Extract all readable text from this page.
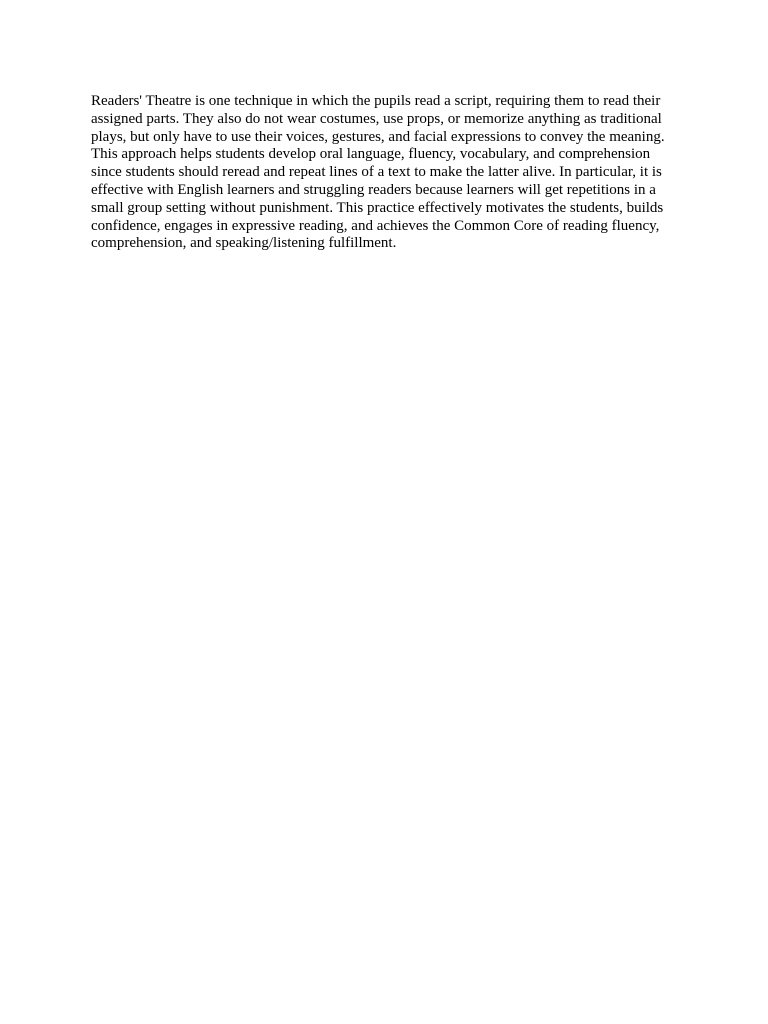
Readers' Theatre is one technique in which the pupils read a script, requiring them to read their
assigned parts. They also do not wear costumes, use props, or memorize anything as traditional
plays, but only have to use their voices, gestures, and facial expressions to convey the meaning.
This approach helps students develop oral language, fluency, vocabulary, and comprehension
since students should reread and repeat lines of a text to make the latter alive. In particular, it is
effective with English learners and struggling readers because learners will get repetitions in a
small group setting without punishment. This practice effectively motivates the students, builds
confidence, engages in expressive reading, and achieves the Common Core of reading fluency,
comprehension, and speaking/listening fulfillment.
